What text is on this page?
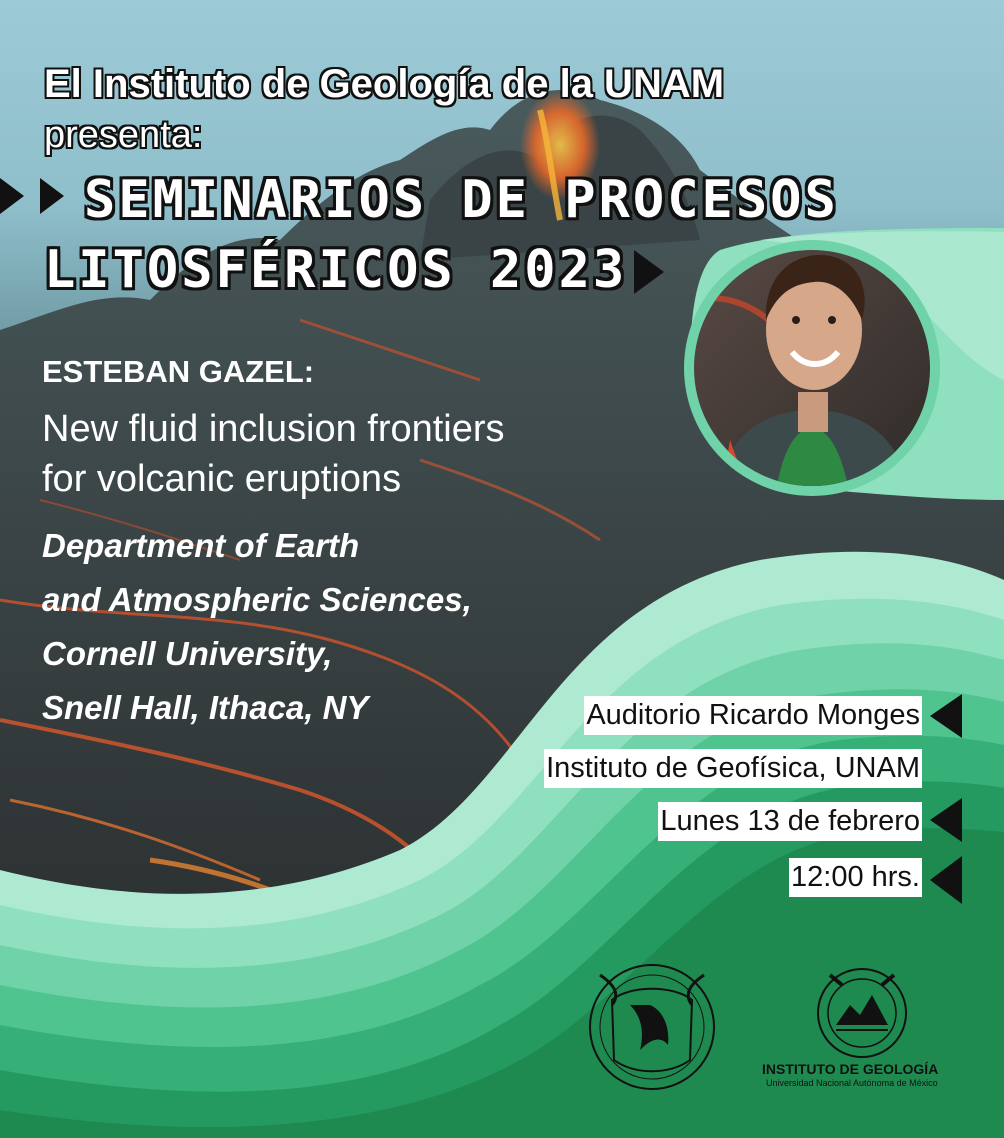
El Instituto de Geología de la UNAM

presenta:

SEMINARIOS DE PROCESOS
LITOSFÉRICOS 2023

ESTEBAN GAZEL:

New fluid inclusion frontiers

for volcanic eruptions

Department of Earth

and Atmospheric Sciences,

Cornell University,

Snell Hall, Ithaca, NY	Auditorio Ricardo Monges
Instituto de Geofísica, UNAM
Lunes 13 de febrero
12:00 hrs.

INSTITUTO DE GEOLOGÍA

Universidad Nacional Autónoma de México
